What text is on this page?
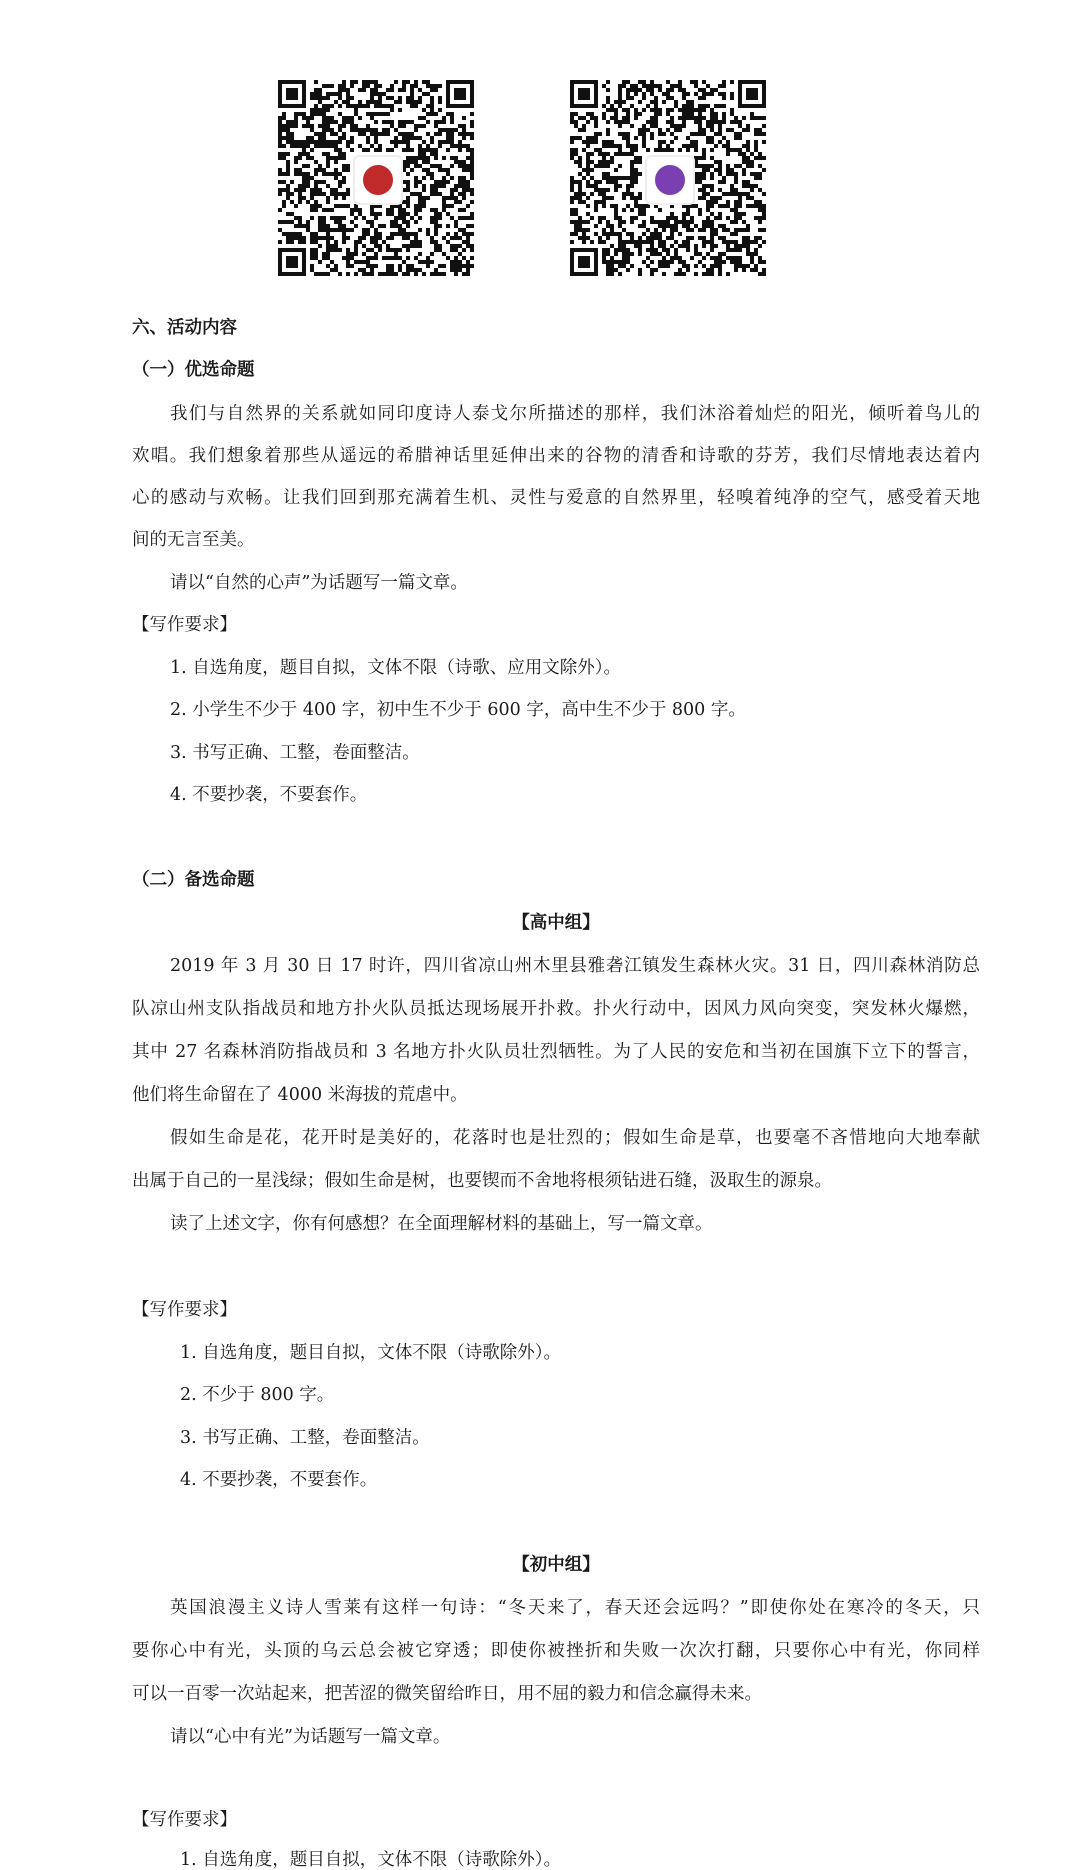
六、活动内容
（一）优选命题
我们与自然界的关系就如同印度诗人泰戈尔所描述的那样，我们沐浴着灿烂的阳光，倾听着鸟儿的
欢唱。我们想象着那些从遥远的希腊神话里延伸出来的谷物的清香和诗歌的芬芳，我们尽情地表达着内
心的感动与欢畅。让我们回到那充满着生机、灵性与爱意的自然界里，轻嗅着纯净的空气，感受着天地
间的无言至美。
请以“自然的心声”为话题写一篇文章。
【写作要求】
1. 自选角度，题目自拟，文体不限（诗歌、应用文除外）。
2. 小学生不少于 400 字，初中生不少于 600 字，高中生不少于 800 字。
3. 书写正确、工整，卷面整洁。
4. 不要抄袭，不要套作。
（二）备选命题
【高中组】
2019 年 3 月 30 日 17 时许，四川省凉山州木里县雅砻江镇发生森林火灾。31 日，四川森林消防总
队凉山州支队指战员和地方扑火队员抵达现场展开扑救。扑火行动中，因风力风向突变，突发林火爆燃，
其中 27 名森林消防指战员和 3 名地方扑火队员壮烈牺牲。为了人民的安危和当初在国旗下立下的誓言，
他们将生命留在了 4000 米海拔的荒虐中。
假如生命是花，花开时是美好的，花落时也是壮烈的；假如生命是草，也要毫不吝惜地向大地奉献
出属于自己的一星浅绿；假如生命是树，也要锲而不舍地将根须钻进石缝，汲取生的源泉。
读了上述文字，你有何感想？在全面理解材料的基础上，写一篇文章。
【写作要求】
1. 自选角度，题目自拟，文体不限（诗歌除外）。
2. 不少于 800 字。
3. 书写正确、工整，卷面整洁。
4. 不要抄袭，不要套作。
【初中组】
英国浪漫主义诗人雪莱有这样一句诗：“冬天来了，春天还会远吗？”即使你处在寒冷的冬天，只
要你心中有光，头顶的乌云总会被它穿透；即使你被挫折和失败一次次打翻，只要你心中有光，你同样
可以一百零一次站起来，把苦涩的微笑留给昨日，用不屈的毅力和信念赢得未来。
请以“心中有光”为话题写一篇文章。
【写作要求】
1. 自选角度，题目自拟，文体不限（诗歌除外）。
